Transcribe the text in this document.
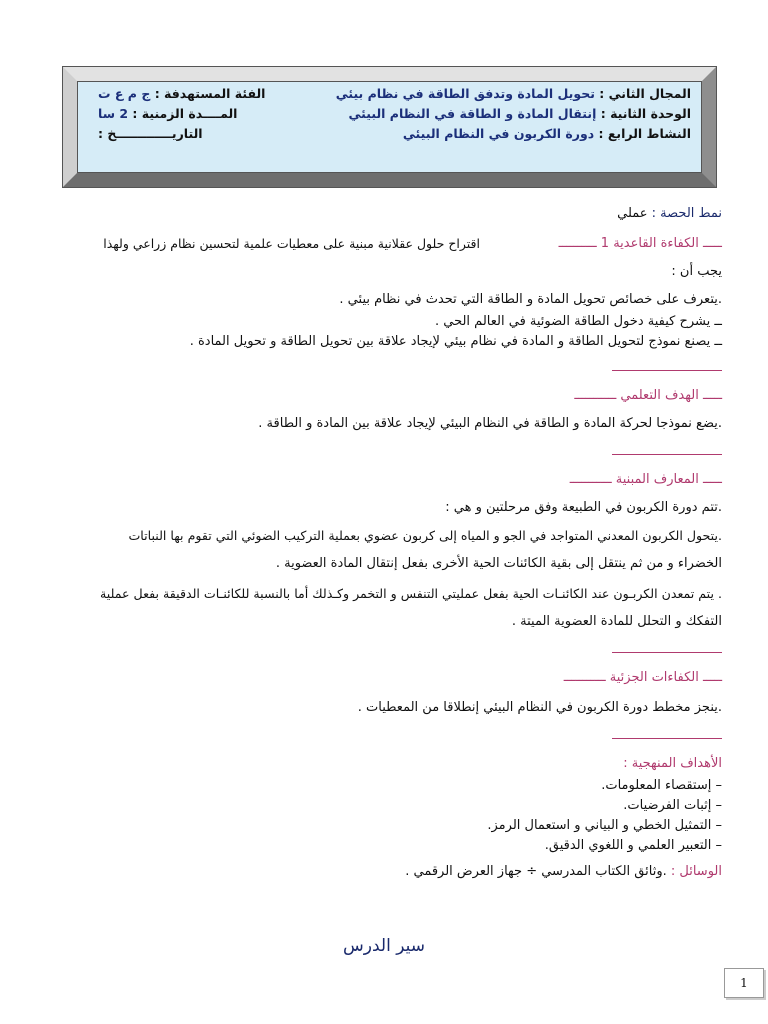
المجال الثاني : تحويل المادة وتدفق الطاقة في نظام بيئي
الفئة المستهدفة : ج م ع ت
الوحدة الثانية : إنتقال المادة و الطاقة في النظام البيئي
المــــدة الزمنية : 2 سا
النشاط الرابع : دورة الكربون في النظام البيئي
التاريـــــــــــــخ :
نمط الحصة : عملي
ـــــ الكفاءة القاعدية 1 ــــــــــ
اقتراح حلول عقلانية مبنية على معطيات علمية لتحسين نظام زراعي ولهذا
يجب أن :
.يتعرف على خصائص تحويل المادة و الطاقة التي تحدث في نظام بيئي .
ــ يشرح كيفية دخول الطاقة الضوئية في العالم الحي .
ــ يصنع نموذج لتحويل الطاقة و المادة في نظام بيئي لإيجاد علاقة بين تحويل الطاقة و تحويل المادة .
ـــــ الهدف التعلمي ـــــــــــ
.يضع نموذجا لحركة المادة و الطاقة في النظام البيئي لإيجاد علاقة بين المادة و الطاقة .
ـــــ المعارف المبنية ـــــــــــ
.تتم دورة الكربون في الطبيعة وفق مرحلتين و هي :
.يتحول الكربون المعدني المتواجد في الجو و المياه إلى كربون عضوي بعملية التركيب الضوئي التي تقوم بها النباتات
الخضراء و من ثم ينتقل إلى بقية الكائنات الحية الأخرى بفعل إنتقال المادة العضوية .
. يتم تمعدن الكربـون عند الكائنـات الحية بفعل عمليتي التنفس و التخمر وكـذلك أما بالنسبة للكائنـات الدقيقة بفعل عملية
التفكك و التحلل للمادة العضوية الميتة .
ـــــ الكفاءات الجزئية ـــــــــــ
.ينجز مخطط دورة الكربون في النظام البيئي إنطلاقا من المعطيات .
الأهداف المنهجية :
– إستقصاء المعلومات.
– إثبات الفرضيات.
– التمثيل الخطي و البياني و استعمال الرمز.
– التعبير العلمي و اللغوي الدقيق.
الوسائل : .وثائق الكتاب المدرسي ÷ جهاز العرض الرقمي .
سير الدرس
1
